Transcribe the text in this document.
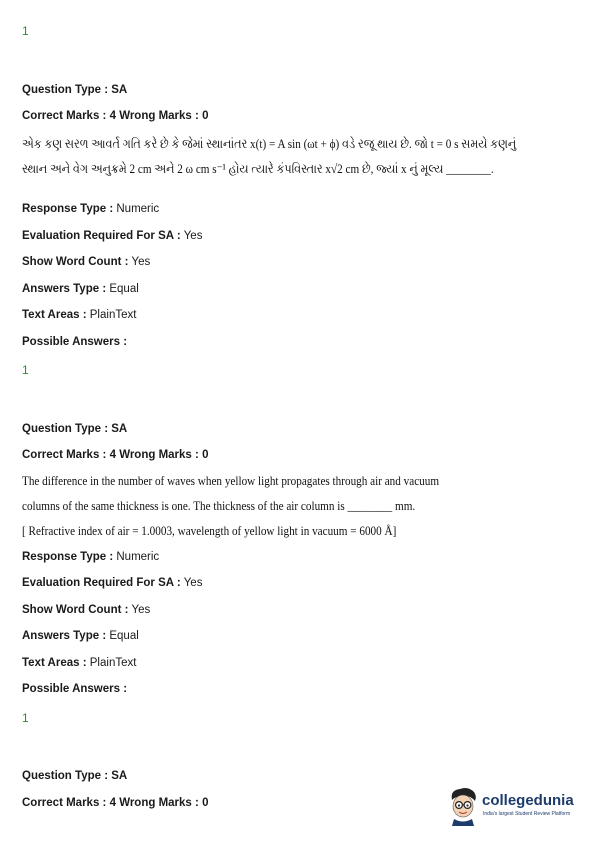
1
Question Type : SA
Correct Marks : 4 Wrong Marks : 0
એક કણ સરળ આવર્ત ગતિ કરે છે કે જેમાં સ્થાનાંતર x(t) = A sin (ωt + ϕ) વડે રજૂ થાય છે. જો t = 0 s સમયે કણનું
સ્થાન અને વેગ અનુક્રમે 2 cm અને 2 ω cm s⁻¹ હોય ત્યારે કંપવિસ્તાર x√2 cm છે, જ્યાં x નું મૂલ્ય ________.
Response Type : Numeric
Evaluation Required For SA : Yes
Show Word Count : Yes
Answers Type : Equal
Text Areas : PlainText
Possible Answers :
1
Question Type : SA
Correct Marks : 4 Wrong Marks : 0
The difference in the number of waves when yellow light propagates through air and vacuum
columns of the same thickness is one. The thickness of the air column is ________ mm.
[ Refractive index of air = 1.0003, wavelength of yellow light in vacuum = 6000 Å]
Response Type : Numeric
Evaluation Required For SA : Yes
Show Word Count : Yes
Answers Type : Equal
Text Areas : PlainText
Possible Answers :
1
Question Type : SA
Correct Marks : 4 Wrong Marks : 0	collegedunia
India's largest Student Review Platform
